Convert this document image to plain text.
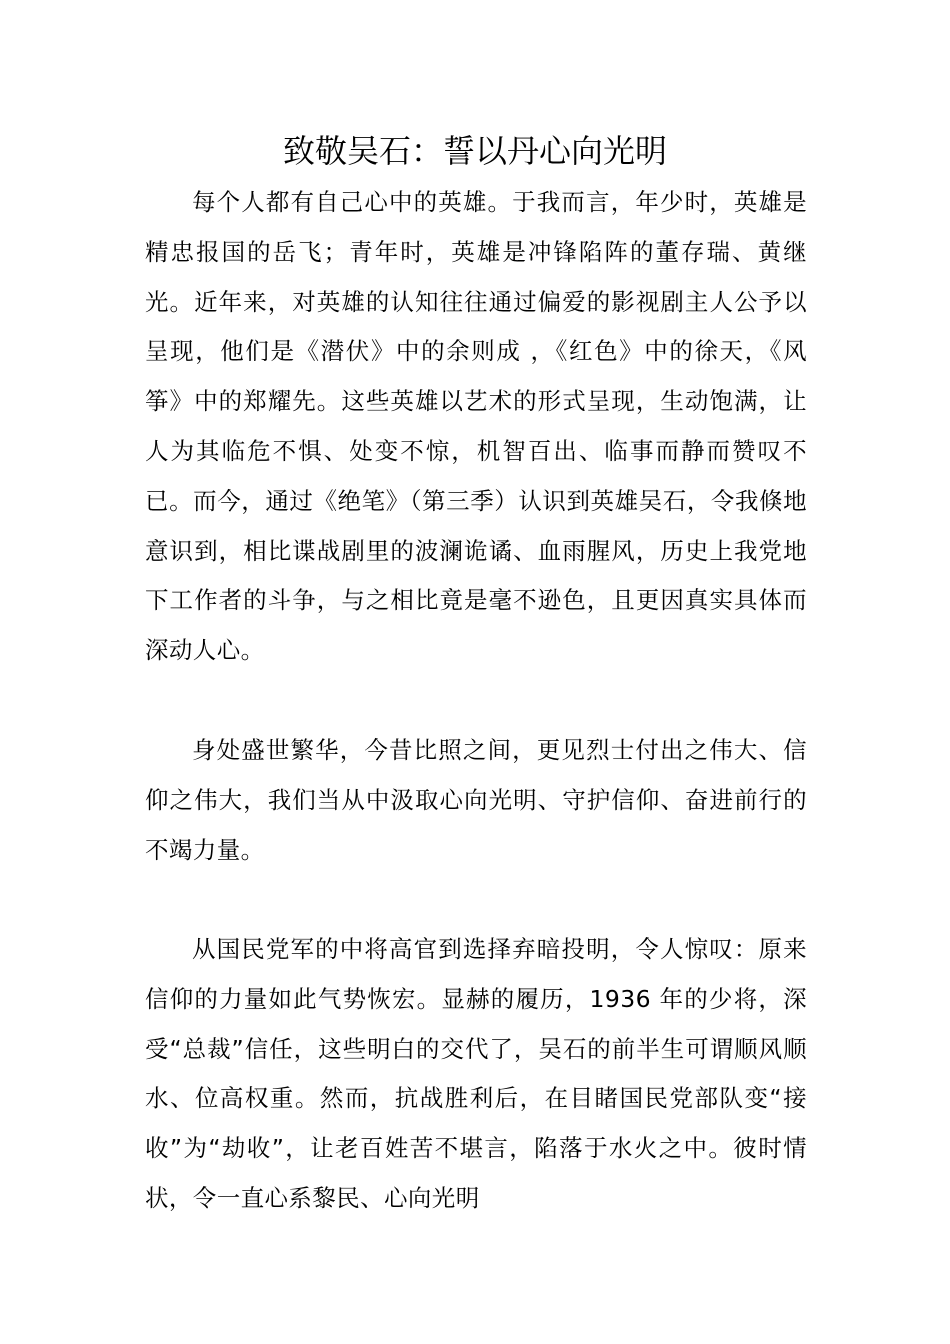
致敬吴石：誓以丹心向光明

每个人都有自己心中的英雄。于我而言，年少时，英雄是精忠报国的岳飞；青年时，英雄是冲锋陷阵的董存瑞、黄继光。近年来，对英雄的认知往往通过偏爱的影视剧主人公予以呈现，他们是《潜伏》中的余则成 ，《红色》中的徐天，《风筝》中的郑耀先。这些英雄以艺术的形式呈现，生动饱满，让人为其临危不惧、处变不惊，机智百出、临事而静而赞叹不已。而今，通过《绝笔》（第三季）认识到英雄吴石，令我倏地意识到，相比谍战剧里的波澜诡谲、血雨腥风，历史上我党地下工作者的斗争，与之相比竟是毫不逊色，且更因真实具体而深动人心。

身处盛世繁华，今昔比照之间，更见烈士付出之伟大、信仰之伟大，我们当从中汲取心向光明、守护信仰、奋进前行的不竭力量。

从国民党军的中将高官到选择弃暗投明，令人惊叹：原来信仰的力量如此气势恢宏。显赫的履历，1936 年的少将，深受“总裁”信任，这些明白的交代了，吴石的前半生可谓顺风顺水、位高权重。然而，抗战胜利后，在目睹国民党部队变“接收”为“劫收”，让老百姓苦不堪言，陷落于水火之中。彼时情状，令一直心系黎民、心向光明
